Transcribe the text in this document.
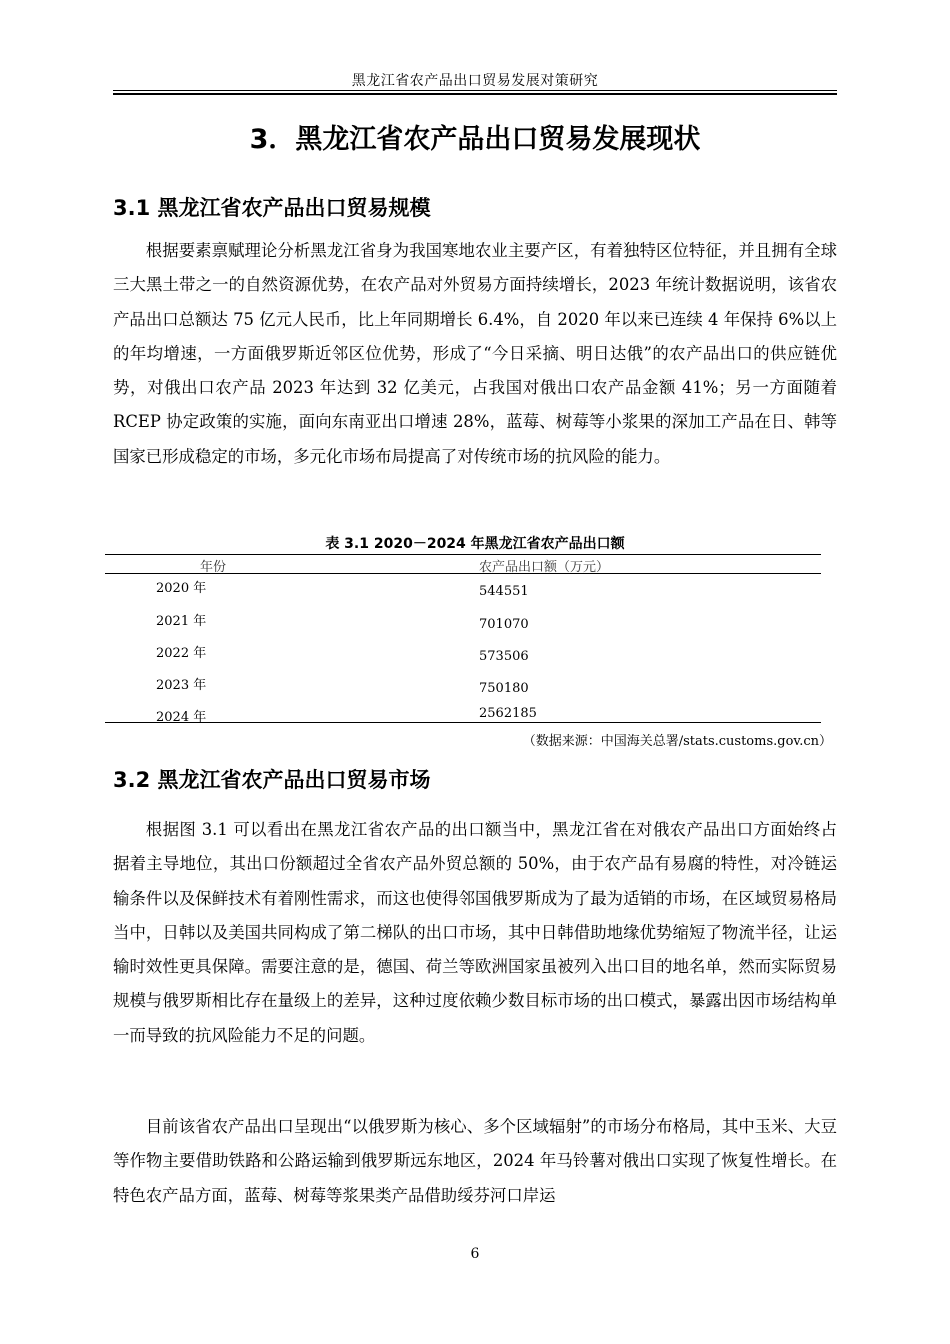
黑龙江省农产品出口贸易发展对策研究
3．黑龙江省农产品出口贸易发展现状
3.1 黑龙江省农产品出口贸易规模

根据要素禀赋理论分析黑龙江省身为我国寒地农业主要产区，有着独特区位特征，并且拥有全球三大黑土带之一的自然资源优势，在农产品对外贸易方面持续增长，2023 年统计数据说明，该省农产品出口总额达 75 亿元人民币，比上年同期增长 6.4%，自 2020 年以来已连续 4 年保持 6%以上的年均增速，一方面俄罗斯近邻区位优势，形成了“今日采摘、明日达俄”的农产品出口的供应链优势，对俄出口农产品 2023 年达到 32 亿美元，占我国对俄出口农产品金额 41%；另一方面随着 RCEP 协定政策的实施，面向东南亚出口增速 28%，蓝莓、树莓等小浆果的深加工产品在日、韩等国家已形成稳定的市场，多元化市场布局提高了对传统市场的抗风险的能力。

表 3.1 2020－2024 年黑龙江省农产品出口额
年份	农产品出口额（万元）
2020 年	544551
2021 年	701070
2022 年	573506
2023 年	750180
2024 年	2562185
（数据来源：中国海关总署/stats.customs.gov.cn）
3.2 黑龙江省农产品出口贸易市场

根据图 3.1 可以看出在黑龙江省农产品的出口额当中，黑龙江省在对俄农产品出口方面始终占据着主导地位，其出口份额超过全省农产品外贸总额的 50%，由于农产品有易腐的特性，对冷链运输条件以及保鲜技术有着刚性需求，而这也使得邻国俄罗斯成为了最为适销的市场，在区域贸易格局当中，日韩以及美国共同构成了第二梯队的出口市场，其中日韩借助地缘优势缩短了物流半径，让运输时效性更具保障。需要注意的是，德国、荷兰等欧洲国家虽被列入出口目的地名单，然而实际贸易规模与俄罗斯相比存在量级上的差异，这种过度依赖少数目标市场的出口模式，暴露出因市场结构单一而导致的抗风险能力不足的问题。

目前该省农产品出口呈现出“以俄罗斯为核心、多个区域辐射”的市场分布格局，其中玉米、大豆等作物主要借助铁路和公路运输到俄罗斯远东地区，2024 年马铃薯对俄出口实现了恢复性增长。在特色农产品方面，蓝莓、树莓等浆果类产品借助绥芬河口岸运

6
